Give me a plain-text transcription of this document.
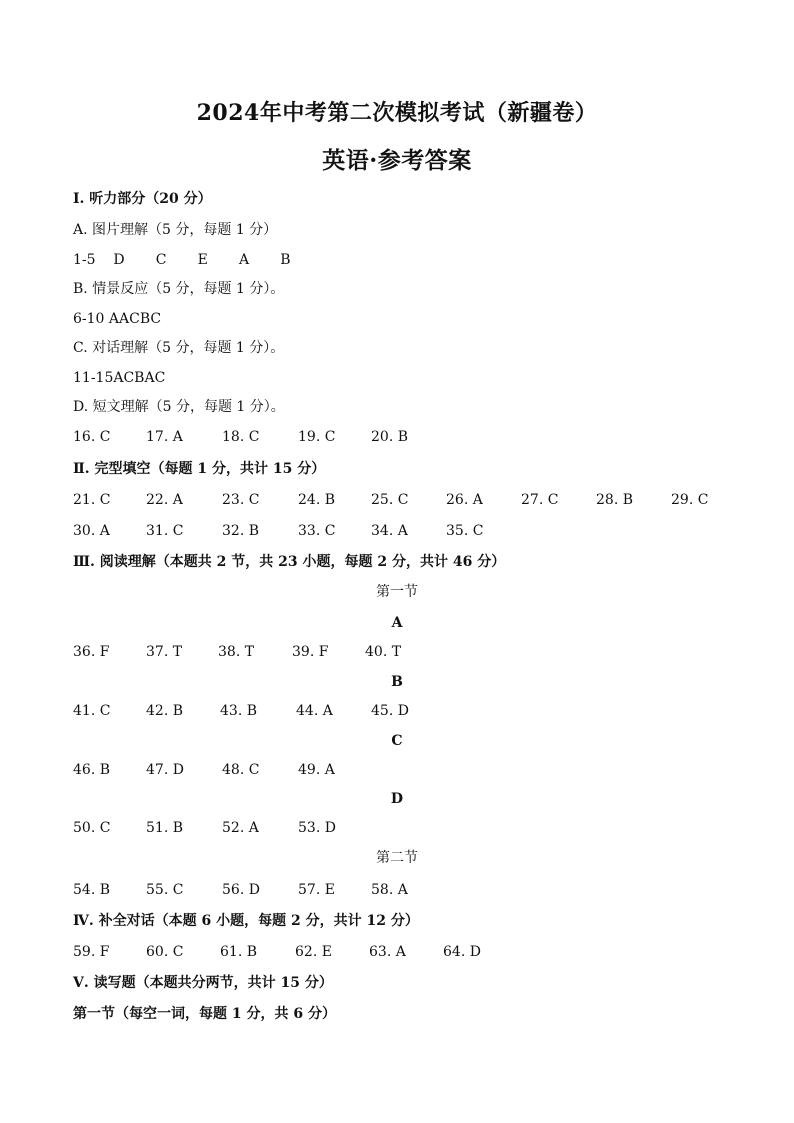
2024年中考第二次模拟考试（新疆卷）
英语·参考答案
Ⅰ. 听力部分（20 分）
A. 图片理解（5 分，每题 1 分）
1-5    D       C       E       A       B
B. 情景反应（5 分，每题 1 分）。
6-10 AACBC
C. 对话理解（5 分，每题 1 分）。
11-15ACBAC
D. 短文理解（5 分，每题 1 分）。
16. C	17. A	18. C	19. C	20. B
Ⅱ. 完型填空（每题 1 分，共计 15 分）
21. C	22. A	23. C	24. B	25. C	26. A	27. C	28. B	29. C
30. A	31. C	32. B	33. C	34. A	35. C
Ⅲ. 阅读理解（本题共 2 节，共 23 小题，每题 2 分，共计 46 分）
第一节
A
36. F	37. T	38. T	39. F	40. T
B
41. C	42. B	43. B	44. A	45. D
C
46. B	47. D	48. C	49. A
D
50. C	51. B	52. A	53. D
第二节
54. B	55. C	56. D	57. E	58. A
Ⅳ. 补全对话（本题 6 小题，每题 2 分，共计 12 分）
59. F	60. C	61. B	62. E	63. A	64. D
Ⅴ. 读写题（本题共分两节，共计 15 分）
第一节（每空一词，每题 1 分，共 6 分）
